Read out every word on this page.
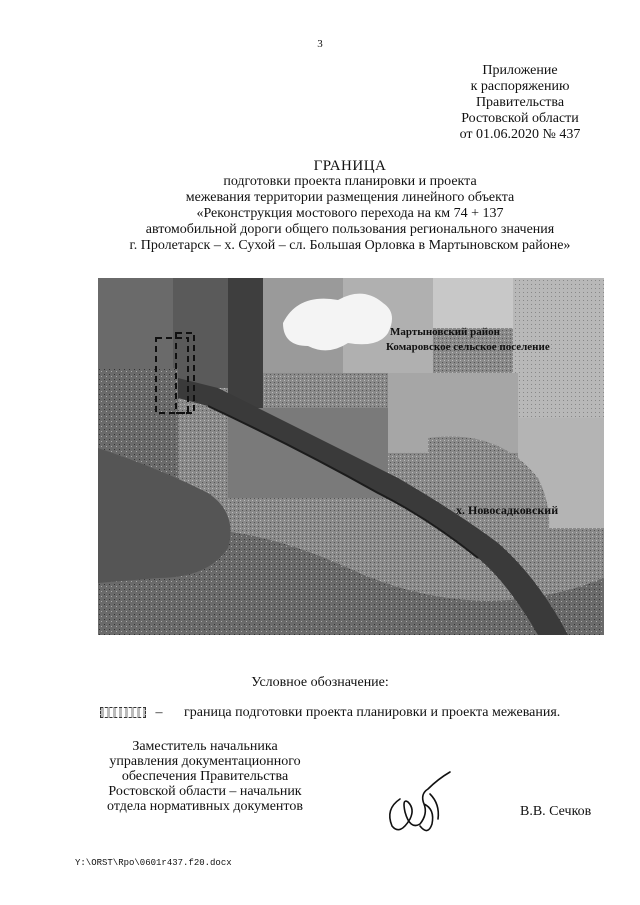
3
Приложение
к распоряжению
Правительства
Ростовской области
от 01.06.2020 № 437
ГРАНИЦА
подготовки проекта планировки и проекта
межевания территории размещения линейного объекта
«Реконструкция мостового перехода на км 74 + 137
автомобильной дороги общего пользования регионального значения
г. Пролетарск – х. Сухой – сл. Большая Орловка в Мартыновском районе»
Мартыновский район
Комаровское сельское поселение
х. Новосадковский
Условное обозначение:
– граница подготовки проекта планировки и проекта межевания.
Заместитель начальника
управления документационного
обеспечения Правительства
Ростовской области – начальник
отдела нормативных документов	В.В. Сечков
Y:\ORST\Rpo\0601r437.f20.docx
